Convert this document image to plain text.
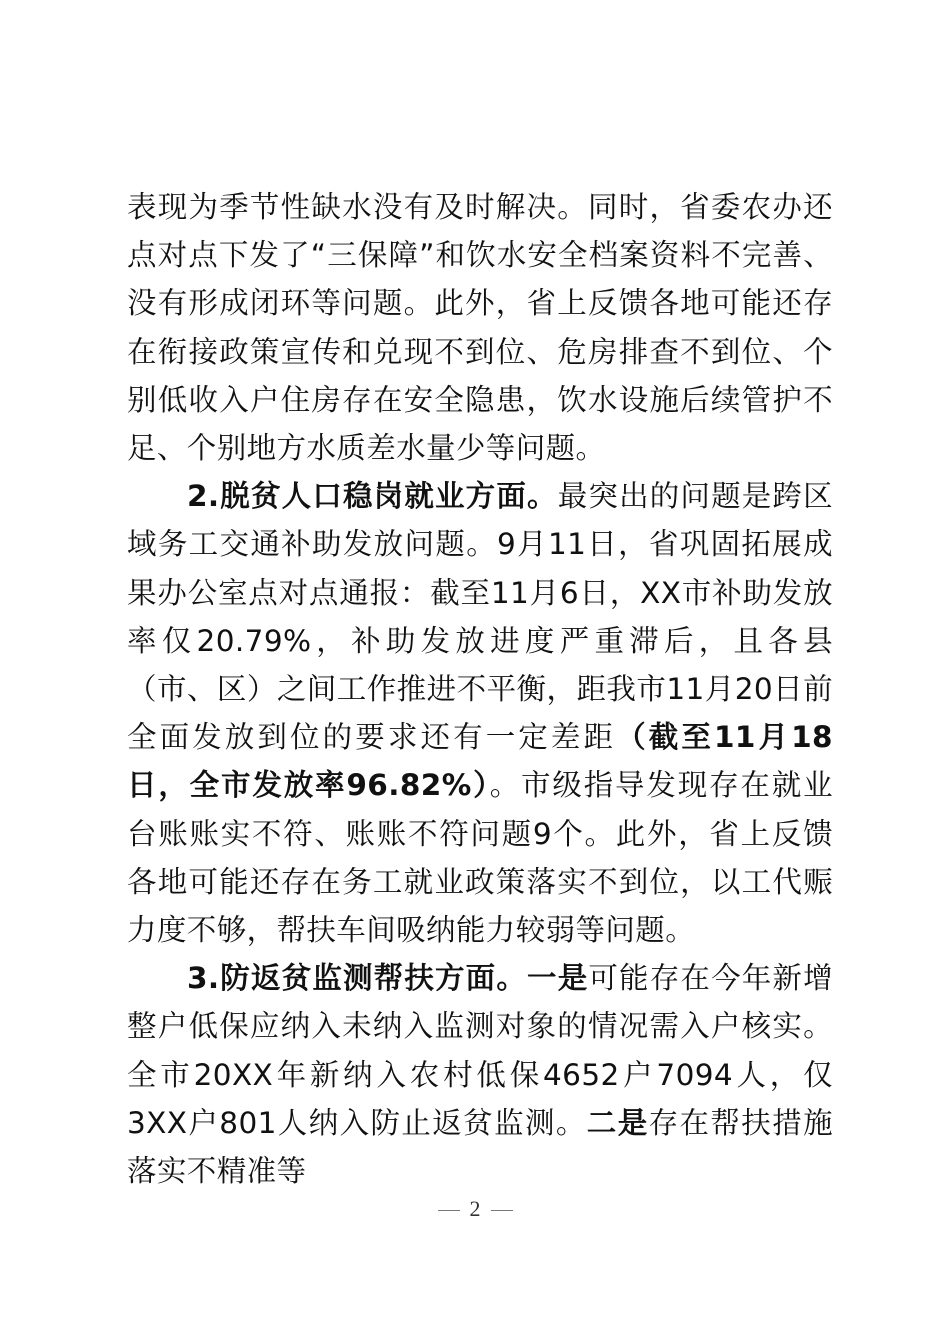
表现为季节性缺水没有及时解决。同时，省委农办还点对点下发了“三保障”和饮水安全档案资料不完善、没有形成闭环等问题。此外，省上反馈各地可能还存在衔接政策宣传和兑现不到位、危房排查不到位、个别低收入户住房存在安全隐患，饮水设施后续管护不足、个别地方水质差水量少等问题。

2.脱贫人口稳岗就业方面。最突出的问题是跨区域务工交通补助发放问题。9月11日，省巩固拓展成果办公室点对点通报：截至11月6日，XX市补助发放率仅20.79%，补助发放进度严重滞后，且各县（市、区）之间工作推进不平衡，距我市11月20日前全面发放到位的要求还有一定差距（截至11月18日，全市发放率96.82%）。市级指导发现存在就业台账账实不符、账账不符问题9个。此外，省上反馈各地可能还存在务工就业政策落实不到位，以工代赈力度不够，帮扶车间吸纳能力较弱等问题。

3.防返贫监测帮扶方面。一是可能存在今年新增整户低保应纳入未纳入监测对象的情况需入户核实。全市20XX年新纳入农村低保4652户7094人，仅3XX户801人纳入防止返贫监测。二是存在帮扶措施落实不精准等

2
